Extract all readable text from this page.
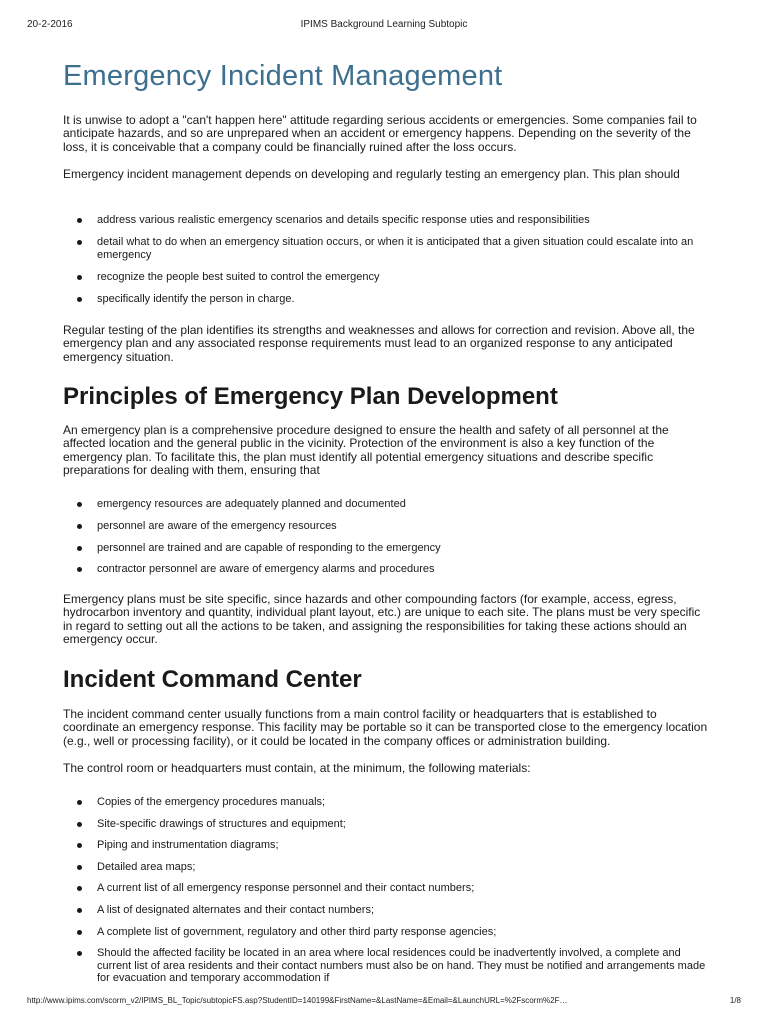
20-2-2016	IPIMS Background Learning Subtopic
Emergency Incident Management

It is unwise to adopt a "can't happen here" attitude regarding serious accidents or emergencies. Some companies fail to anticipate hazards, and so are unprepared when an accident or emergency happens. Depending on the severity of the loss, it is conceivable that a company could be financially ruined after the loss occurs.

Emergency incident management depends on developing and regularly testing an emergency plan. This plan should

address various realistic emergency scenarios and details specific response uties and responsibilities
detail what to do when an emergency situation occurs, or when it is anticipated that a given situation could escalate into an emergency
recognize the people best suited to control the emergency
specifically identify the person in charge.

Regular testing of the plan identifies its strengths and weaknesses and allows for correction and revision. Above all, the emergency plan and any associated response requirements must lead to an organized response to any anticipated emergency situation.

Principles of Emergency Plan Development

An emergency plan is a comprehensive procedure designed to ensure the health and safety of all personnel at the affected location and the general public in the vicinity. Protection of the environment is also a key function of the emergency plan. To facilitate this, the plan must identify all potential emergency situations and describe specific preparations for dealing with them, ensuring that

emergency resources are adequately planned and documented
personnel are aware of the emergency resources
personnel are trained and are capable of responding to the emergency
contractor personnel are aware of emergency alarms and procedures

Emergency plans must be site specific, since hazards and other compounding factors (for example, access, egress, hydrocarbon inventory and quantity, individual plant layout, etc.) are unique to each site. The plans must be very specific in regard to setting out all the actions to be taken, and assigning the responsibilities for taking these actions should an emergency occur.

Incident Command Center

The incident command center usually functions from a main control facility or headquarters that is established to coordinate an emergency response. This facility may be portable so it can be transported close to the emergency location (e.g., well or processing facility), or it could be located in the company offices or administration building.

The control room or headquarters must contain, at the minimum, the following materials:

Copies of the emergency procedures manuals;
Site-specific drawings of structures and equipment;
Piping and instrumentation diagrams;
Detailed area maps;
A current list of all emergency response personnel and their contact numbers;
A list of designated alternates and their contact numbers;
A complete list of government, regulatory and other third party response agencies;
Should the affected facility be located in an area where local residences could be inadvertently involved, a complete and current list of area residents and their contact numbers must also be on hand. They must be notified and arrangements made for evacuation and temporary accommodation if
http://www.ipims.com/scorm_v2/IPIMS_BL_Topic/subtopicFS.asp?StudentID=140199&FirstName=&LastName=&Email=&LaunchURL=%2Fscorm%2F…	1/8
